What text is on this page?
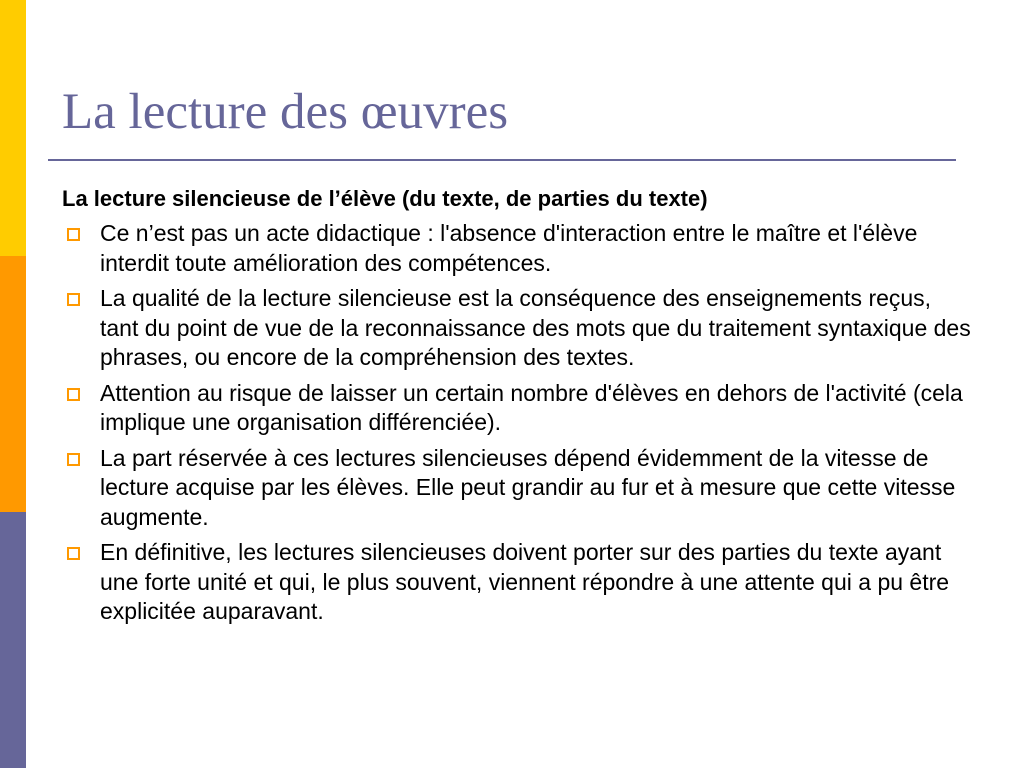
La lecture des œuvres

La lecture silencieuse de l’élève (du texte, de parties du texte)

Ce n’est pas un acte didactique : l'absence d'interaction entre le maître et l'élève interdit toute amélioration des compétences.
La qualité de la lecture silencieuse est la conséquence des enseignements reçus, tant du point de vue de la reconnaissance des mots que du traitement syntaxique des phrases, ou encore de la compréhension des textes.
Attention au risque de laisser un certain nombre d'élèves en dehors de l'activité (cela implique une organisation différenciée).
La part réservée à ces lectures silencieuses dépend évidemment de la vitesse de lecture acquise par les élèves. Elle peut grandir au fur et à mesure que cette vitesse augmente.
En définitive, les lectures silencieuses doivent porter sur des parties du texte ayant une forte unité et qui, le plus souvent, viennent répondre à une attente qui a pu être explicitée auparavant.
